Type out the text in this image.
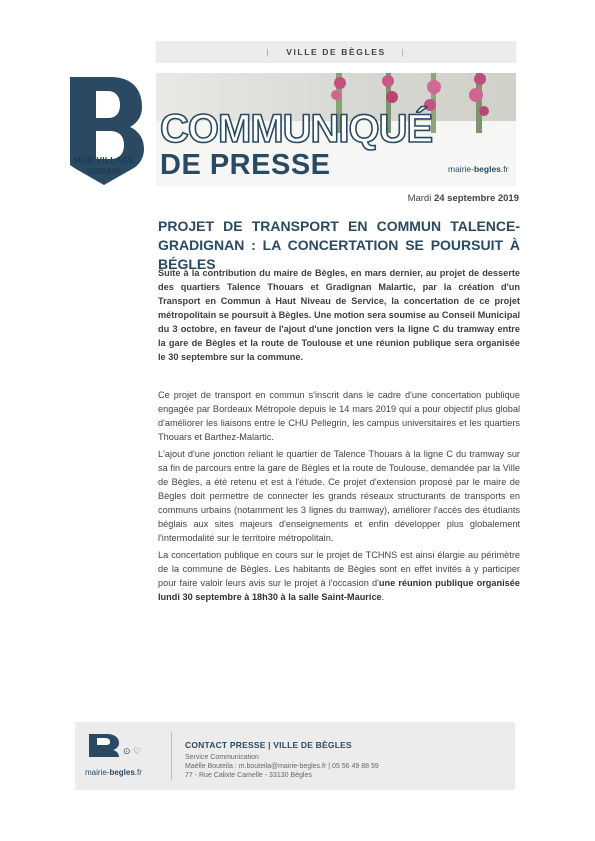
| VILLE DE BÈGLES |
MON VILLAGE
URBAIN
COMMUNIQUÉ
DE PRESSE	mairie-begles.fr
Mardi 24 septembre 2019
PROJET DE TRANSPORT EN COMMUN TALENCE-GRADIGNAN : LA CONCERTATION SE POURSUIT À BÉGLES
Suite à la contribution du maire de Bègles, en mars dernier, au projet de desserte des quartiers Talence Thouars et Gradignan Malartic, par la création d'un Transport en Commun à Haut Niveau de Service, la concertation de ce projet métropolitain se poursuit à Bègles. Une motion sera soumise au Conseil Municipal du 3 octobre, en faveur de l'ajout d'une jonction vers la ligne C du tramway entre la gare de Bègles et la route de Toulouse et une réunion publique sera organisée le 30 septembre sur la commune.

Ce projet de transport en commun s'inscrit dans le cadre d'une concertation publique engagée par Bordeaux Métropole depuis le 14 mars 2019 qui a pour objectif plus global d'améliorer les liaisons entre le CHU Pellegrin, les campus universitaires et les quartiers Thouars et Barthez-Malartic.

L'ajout d'une jonction reliant le quartier de Talence Thouars à la ligne C du tramway sur sa fin de parcours entre la gare de Bègles et la route de Toulouse, demandée par la Ville de Bègles, a été retenu et est à l'étude. Ce projet d'extension proposé par le maire de Bègles doit permettre de connecter les grands réseaux structurants de transports en communs urbains (notamment les 3 lignes du tramway), améliorer l'accès des étudiants béglais aux sites majeurs d'enseignements et enfin développer plus globalement l'intermodalité sur le territoire métropolitain.

La concertation publique en cours sur le projet de TCHNS est ainsi élargie au périmètre de la commune de Bègles. Les habitants de Bègles sont en effet invités à y participer pour faire valoir leurs avis sur le projet à l'occasion d'une réunion publique organisée lundi 30 septembre à 18h30 à la salle Saint-Maurice.

⊙ ♡
mairie-begles.fr
CONTACT PRESSE | VILLE DE BÈGLES
Service Communication
Maëlle Bouteila : m.bouteila@mairie-begles.fr | 05 56 49 88 59
77 - Rue Calixte Camelle - 33130 Bègles
